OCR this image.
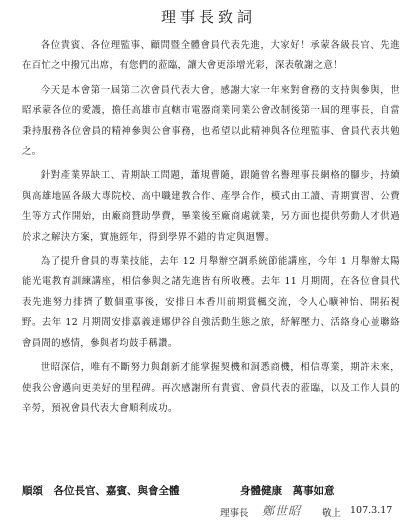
理事長致詞

各位貴賓、各位理監事、顧問暨全體會員代表先進，大家好！承蒙各級長官、先進在百忙之中撥冗出席，有您們的蒞臨，讓大會更添增光彩，深表敬謝之意！

今天是本會第一屆第二次會員代表大會，感謝大家一年來對會務的支持與參與，世昭承蒙各位的愛護，擔任高雄市直轄市電器商業同業公會改制後第一屆的理事長，自當秉持服務各位會員的精神參與公會事務，也希望以此精神與各位理監事、會員代表共勉之。

針對產業界缺工、青期缺工問題，蕭規曹隨，跟隨曾名譽理事長網格的腳步，持續與高雄地區各級大專院校、高中職建教合作、產學合作，模式由工讀、青期實習、公費生等方式作開始，由廠商贊助學費，畢業後至廠商處就業，另方面也提供勞動人才供過於求之解決方案，實施經年，得到學界不錯的肯定與迴響。

為了提升會員的專業技能，去年 12 月舉辦空調系統節能講座，今年 1 月舉辦太陽能光電教育訓練講座，相信參與之諸先進皆有所收穫。去年 11 月期間，在各位會員代表先進努力排擠了數個重事後，安排日本香川前期賞楓交流，令人心曠神怡、開拓視野。去年 12 月期間安排嘉義達娜伊谷自強活動生態之旅，紓解壓力、活絡身心並聯絡會員間的感情，參與者均鼓手稱讚。

世昭深信，唯有不斷努力與創新才能掌握契機和洞悉商機，相信專業，期許未來，使我公會邁向更美好的里程碑。再次感謝所有貴賓、會員代表的蒞臨，以及工作人員的辛勞，預祝會員代表大會順利成功。

順頌　各位長官、嘉賓、與會全體	身體健康　萬事如意
理事長 鄭世昭 敬上 107.3.17
